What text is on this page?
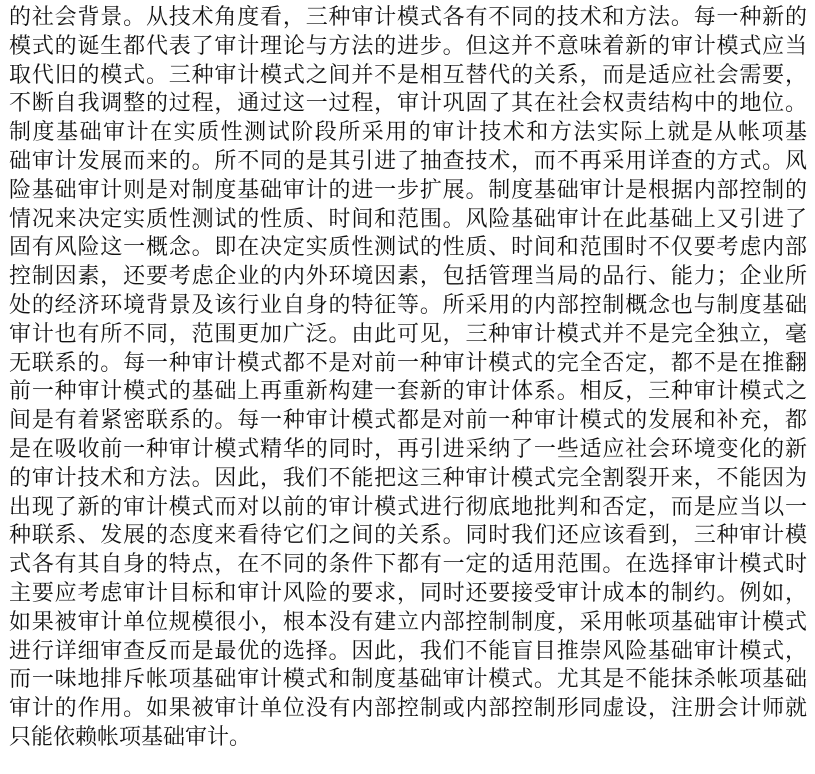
的社会背景。从技术角度看，三种审计模式各有不同的技术和方法。每一种新的
模式的诞生都代表了审计理论与方法的进步。但这并不意味着新的审计模式应当
取代旧的模式。三种审计模式之间并不是相互替代的关系，而是适应社会需要，
不断自我调整的过程，通过这一过程，审计巩固了其在社会权责结构中的地位。
制度基础审计在实质性测试阶段所采用的审计技术和方法实际上就是从帐项基
础审计发展而来的。所不同的是其引进了抽查技术，而不再采用详查的方式。风
险基础审计则是对制度基础审计的进一步扩展。制度基础审计是根据内部控制的
情况来决定实质性测试的性质、时间和范围。风险基础审计在此基础上又引进了
固有风险这一概念。即在决定实质性测试的性质、时间和范围时不仅要考虑内部
控制因素，还要考虑企业的内外环境因素，包括管理当局的品行、能力；企业所
处的经济环境背景及该行业自身的特征等。所采用的内部控制概念也与制度基础
审计也有所不同，范围更加广泛。由此可见，三种审计模式并不是完全独立，毫
无联系的。每一种审计模式都不是对前一种审计模式的完全否定，都不是在推翻
前一种审计模式的基础上再重新构建一套新的审计体系。相反，三种审计模式之
间是有着紧密联系的。每一种审计模式都是对前一种审计模式的发展和补充，都
是在吸收前一种审计模式精华的同时，再引进采纳了一些适应社会环境变化的新
的审计技术和方法。因此，我们不能把这三种审计模式完全割裂开来，不能因为
出现了新的审计模式而对以前的审计模式进行彻底地批判和否定，而是应当以一
种联系、发展的态度来看待它们之间的关系。同时我们还应该看到，三种审计模
式各有其自身的特点，在不同的条件下都有一定的适用范围。在选择审计模式时
主要应考虑审计目标和审计风险的要求，同时还要接受审计成本的制约。例如，
如果被审计单位规模很小，根本没有建立内部控制制度，采用帐项基础审计模式
进行详细审查反而是最优的选择。因此，我们不能盲目推崇风险基础审计模式，
而一味地排斥帐项基础审计模式和制度基础审计模式。尤其是不能抹杀帐项基础
审计的作用。如果被审计单位没有内部控制或内部控制形同虚设，注册会计师就
只能依赖帐项基础审计。
